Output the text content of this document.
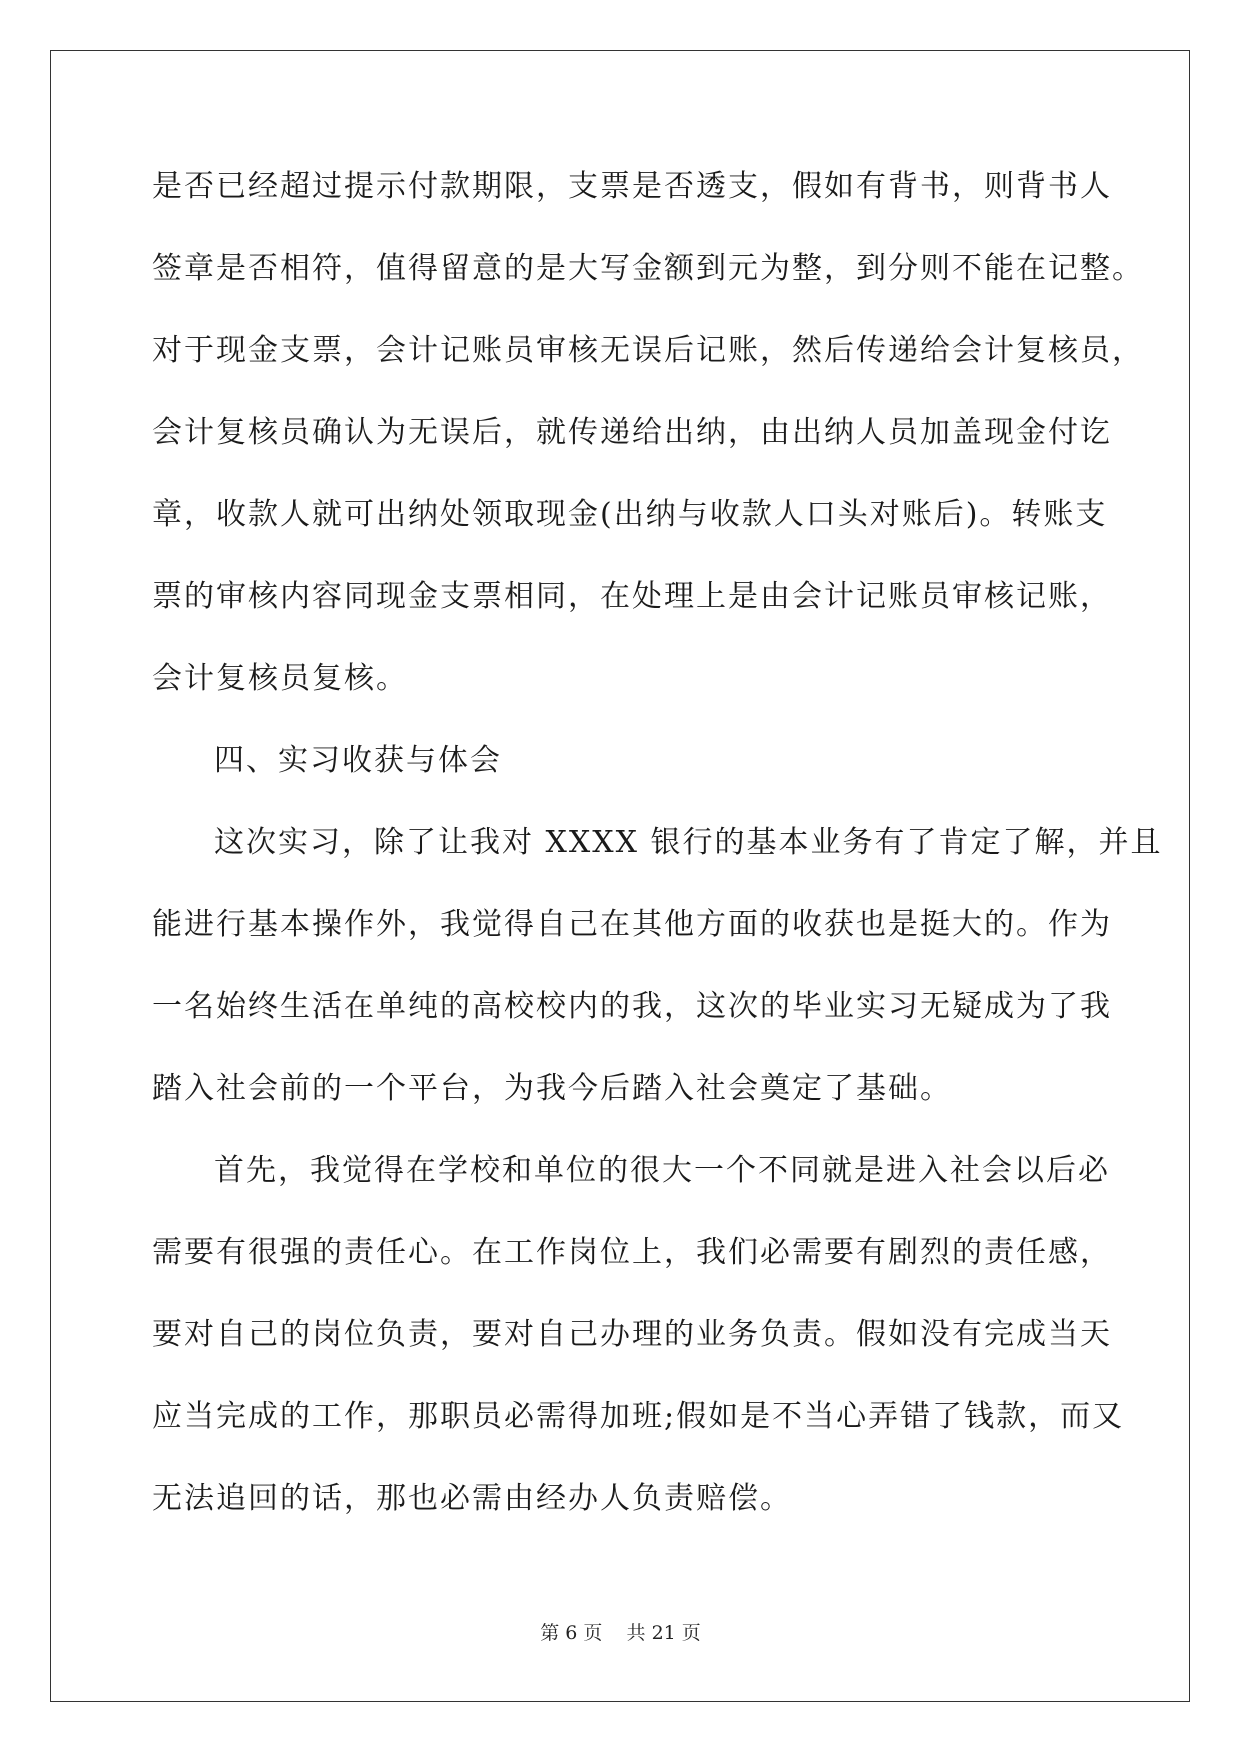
是否已经超过提示付款期限，支票是否透支，假如有背书，则背书人
签章是否相符，值得留意的是大写金额到元为整，到分则不能在记整。
对于现金支票，会计记账员审核无误后记账，然后传递给会计复核员，
会计复核员确认为无误后，就传递给出纳，由出纳人员加盖现金付讫
章，收款人就可出纳处领取现金(出纳与收款人口头对账后)。转账支
票的审核内容同现金支票相同，在处理上是由会计记账员审核记账，
会计复核员复核。
四、实习收获与体会
这次实习，除了让我对 XXXX 银行的基本业务有了肯定了解，并且
能进行基本操作外，我觉得自己在其他方面的收获也是挺大的。作为
一名始终生活在单纯的高校校内的我，这次的毕业实习无疑成为了我
踏入社会前的一个平台，为我今后踏入社会奠定了基础。
首先，我觉得在学校和单位的很大一个不同就是进入社会以后必
需要有很强的责任心。在工作岗位上，我们必需要有剧烈的责任感，
要对自己的岗位负责，要对自己办理的业务负责。假如没有完成当天
应当完成的工作，那职员必需得加班;假如是不当心弄错了钱款，而又
无法追回的话，那也必需由经办人负责赔偿。
第 6 页    共 21 页
